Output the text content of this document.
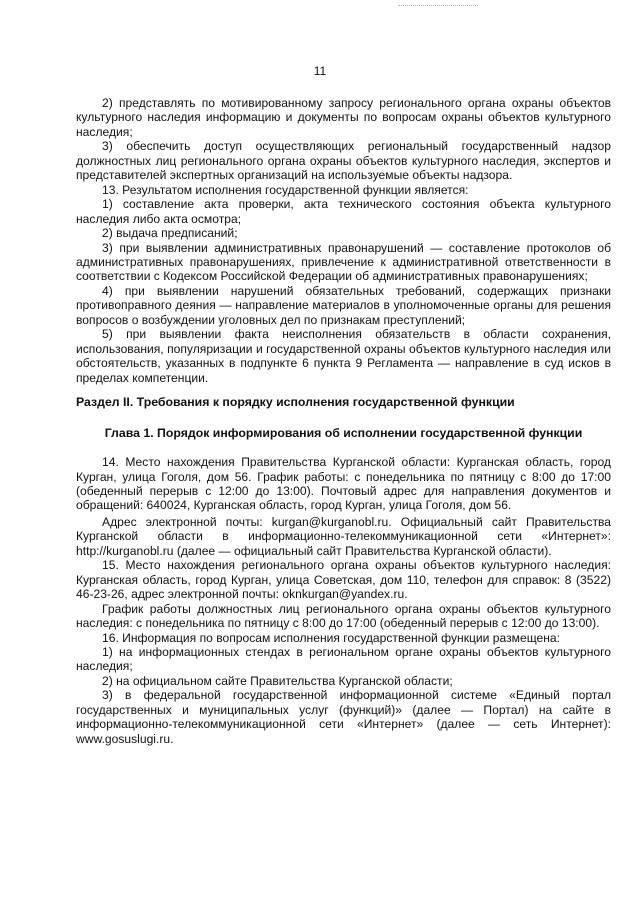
11

2) представлять по мотивированному запросу регионального органа охраны объектов культурного наследия информацию и документы по вопросам охраны объектов культурного наследия;

3) обеспечить доступ осуществляющих региональный государственный надзор должностных лиц регионального органа охраны объектов культурного наследия, экспертов и представителей экспертных организаций на используемые объекты надзора.

13. Результатом исполнения государственной функции является:

1) составление акта проверки, акта технического состояния объекта культурного наследия либо акта осмотра;

2) выдача предписаний;

3) при выявлении административных правонарушений — составление протоколов об административных правонарушениях, привлечение к административной ответственности в соответствии с Кодексом Российской Федерации об административных правонарушениях;

4) при выявлении нарушений обязательных требований, содержащих признаки противоправного деяния — направление материалов в уполномоченные органы для решения вопросов о возбуждении уголовных дел по признакам преступлений;

5) при выявлении факта неисполнения обязательств в области сохранения, использования, популяризации и государственной охраны объектов культурного наследия или обстоятельств, указанных в подпункте 6 пункта 9 Регламента — направление в суд исков в пределах компетенции.

Раздел II. Требования к порядку исполнения государственной функции

Глава 1. Порядок информирования об исполнении государственной функции

14. Место нахождения Правительства Курганской области: Курганская область, город Курган, улица Гоголя, дом 56. График работы: с понедельника по пятницу с 8:00 до 17:00 (обеденный перерыв с 12:00 до 13:00). Почтовый адрес для направления документов и обращений: 640024, Курганская область, город Курган, улица Гоголя, дом 56.

Адрес электронной почты: kurgan@kurganobl.ru. Официальный сайт Правительства Курганской области в информационно-телекоммуникационной сети «Интернет»: http://kurganobl.ru (далее — официальный сайт Правительства Курганской области).

15. Место нахождения регионального органа охраны объектов культурного наследия: Курганская область, город Курган, улица Советская, дом 110, телефон для справок: 8 (3522) 46-23-26, адрес электронной почты: oknkurgan@yandex.ru.

График работы должностных лиц регионального органа охраны объектов культурного наследия: с понедельника по пятницу с 8:00 до 17:00 (обеденный перерыв с 12:00 до 13:00).

16. Информация по вопросам исполнения государственной функции размещена:

1) на информационных стендах в региональном органе охраны объектов культурного наследия;

2) на официальном сайте Правительства Курганской области;

3) в федеральной государственной информационной системе «Единый портал государственных и муниципальных услуг (функций)» (далее — Портал) на сайте в информационно-телекоммуникационной сети «Интернет» (далее — сеть Интернет): www.gosuslugi.ru.
